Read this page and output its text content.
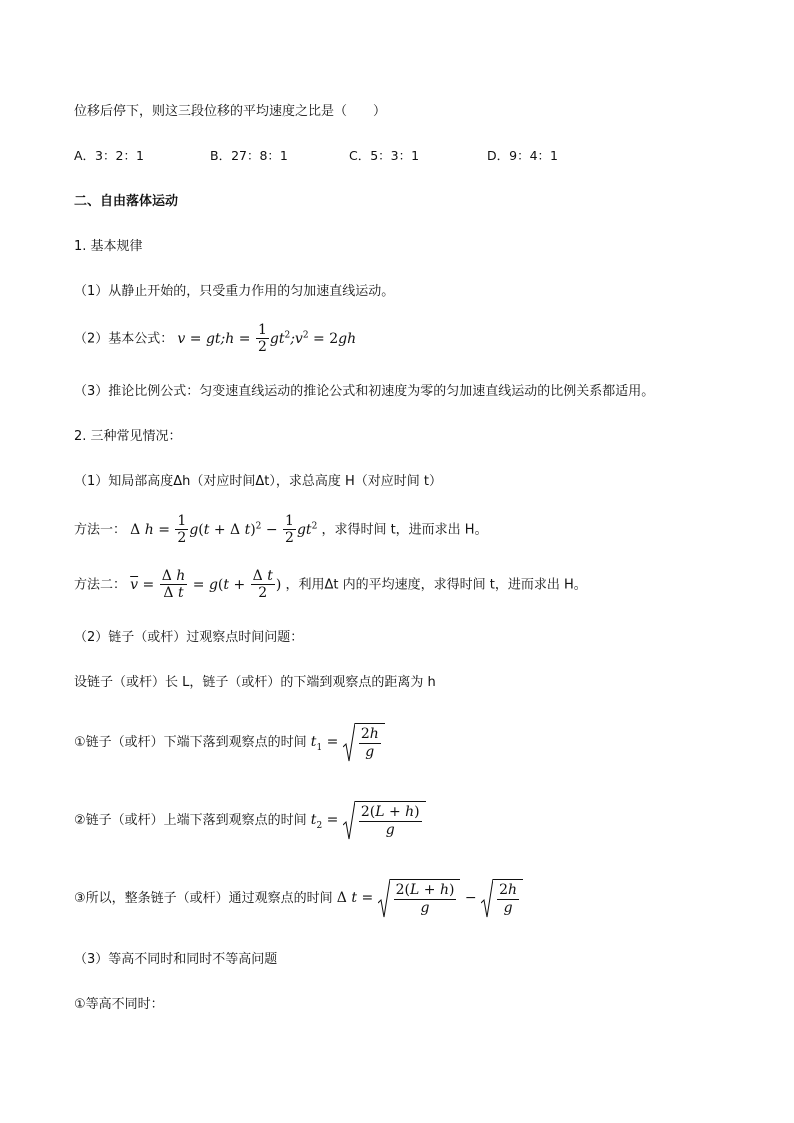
位移后停下，则这三段位移的平均速度之比是（　　）
A．3：2：1	B．27：8：1	C．5：3：1	D．9：4：1
二、自由落体运动
1. 基本规律
（1）从静止开始的，只受重力作用的匀加速直线运动。
（2）基本公式： v = gt;h = $\frac{1}{2}$ $gt^2;v^2 = 2gh$
（3）推论比例公式：匀变速直线运动的推论公式和初速度为零的匀加速直线运动的比例关系都适用。
2. 三种常见情况：
（1）知局部高度Δh（对应时间Δt），求总高度 H（对应时间 t）
方法一： Δ $h = \frac{1}{2} g(t + \Delta$ $t)^2 - \frac{1}{2} gt^2$ ，求得时间 t，进而求出 H。
方法二： $\overline{v} = \frac{\text{Δ h}}{\text{Δ t}} = g(t + \frac{\text{Δ t}}{2}$ ) ，利用Δt 内的平均速度，求得时间 t，进而求出 H。
（2）链子（或杆）过观察点时间问题：
设链子（或杆）长 L，链子（或杆）的下端到观察点的距离为 h
①链子（或杆）下端下落到观察点的时间 $t_1 = \frac{2h}{g}$
②链子（或杆）上端下落到观察点的时间 $t_2 = \frac{2(L + h)}{g}$
③所以，整条链子（或杆）通过观察点的时间 Δ $t = \frac{2(L + h)}{g} - \frac{2h}{g}$
（3）等高不同时和同时不等高问题
①等高不同时：
